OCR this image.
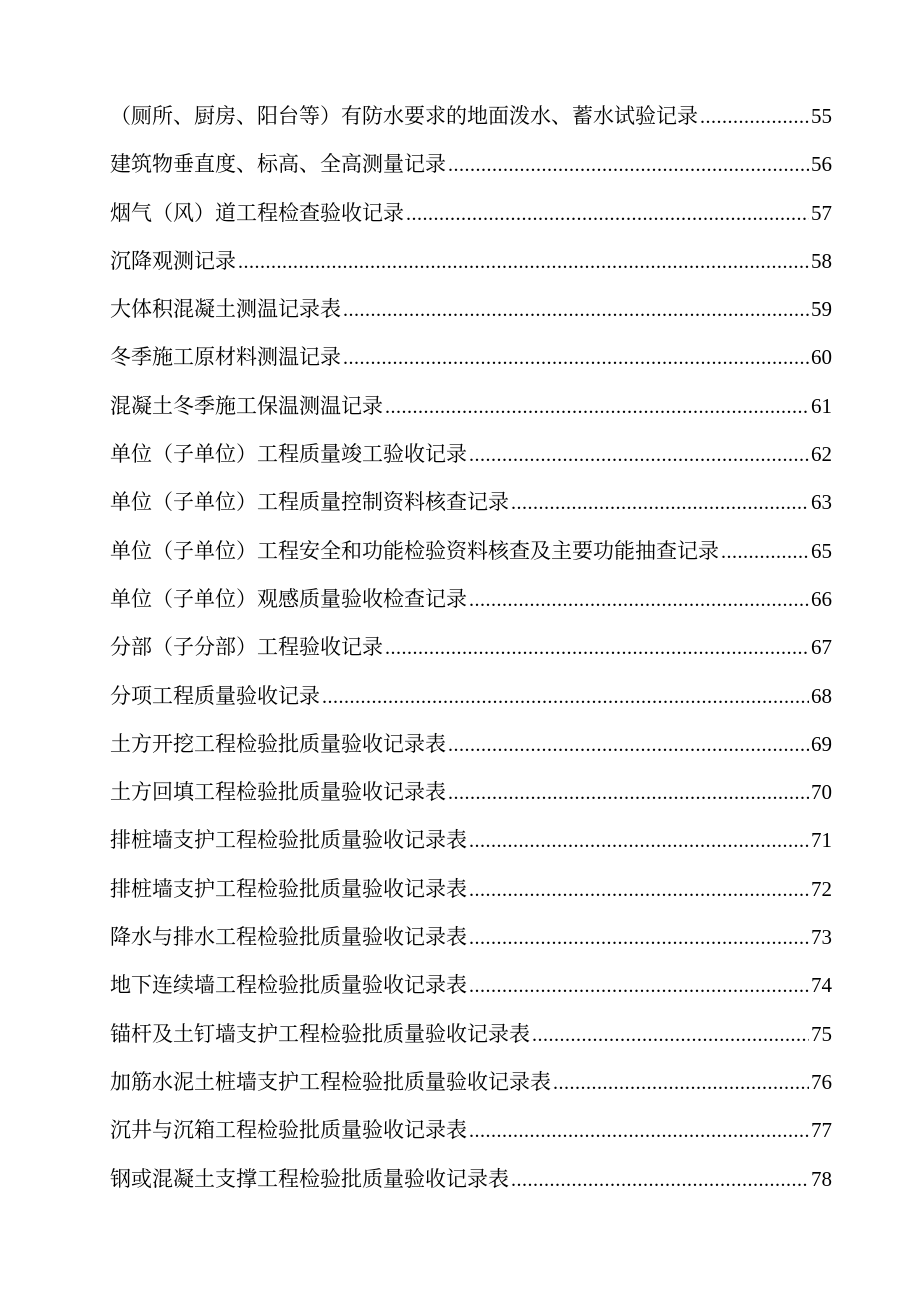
（厕所、厨房、阳台等）有防水要求的地面泼水、蓄水试验记录 .....	55
建筑物垂直度、标高、全高测量记录 .....	56
烟气（风）道工程检查验收记录 .....	57
沉降观测记录 .....	58
大体积混凝土测温记录表 .....	59
冬季施工原材料测温记录 .....	60
混凝土冬季施工保温测温记录 .....	61
单位（子单位）工程质量竣工验收记录 .....	62
单位（子单位）工程质量控制资料核查记录 .....	63
单位（子单位）工程安全和功能检验资料核查及主要功能抽查记录 .....	65
单位（子单位）观感质量验收检查记录 .....	66
分部（子分部）工程验收记录 .....	67
分项工程质量验收记录 .....	68
土方开挖工程检验批质量验收记录表 .....	69
土方回填工程检验批质量验收记录表 .....	70
排桩墙支护工程检验批质量验收记录表 .....	71
排桩墙支护工程检验批质量验收记录表 .....	72
降水与排水工程检验批质量验收记录表 .....	73
地下连续墙工程检验批质量验收记录表 .....	74
锚杆及土钉墙支护工程检验批质量验收记录表 .....	75
加筋水泥土桩墙支护工程检验批质量验收记录表 .....	76
沉井与沉箱工程检验批质量验收记录表 .....	77
钢或混凝土支撑工程检验批质量验收记录表 .....	78
